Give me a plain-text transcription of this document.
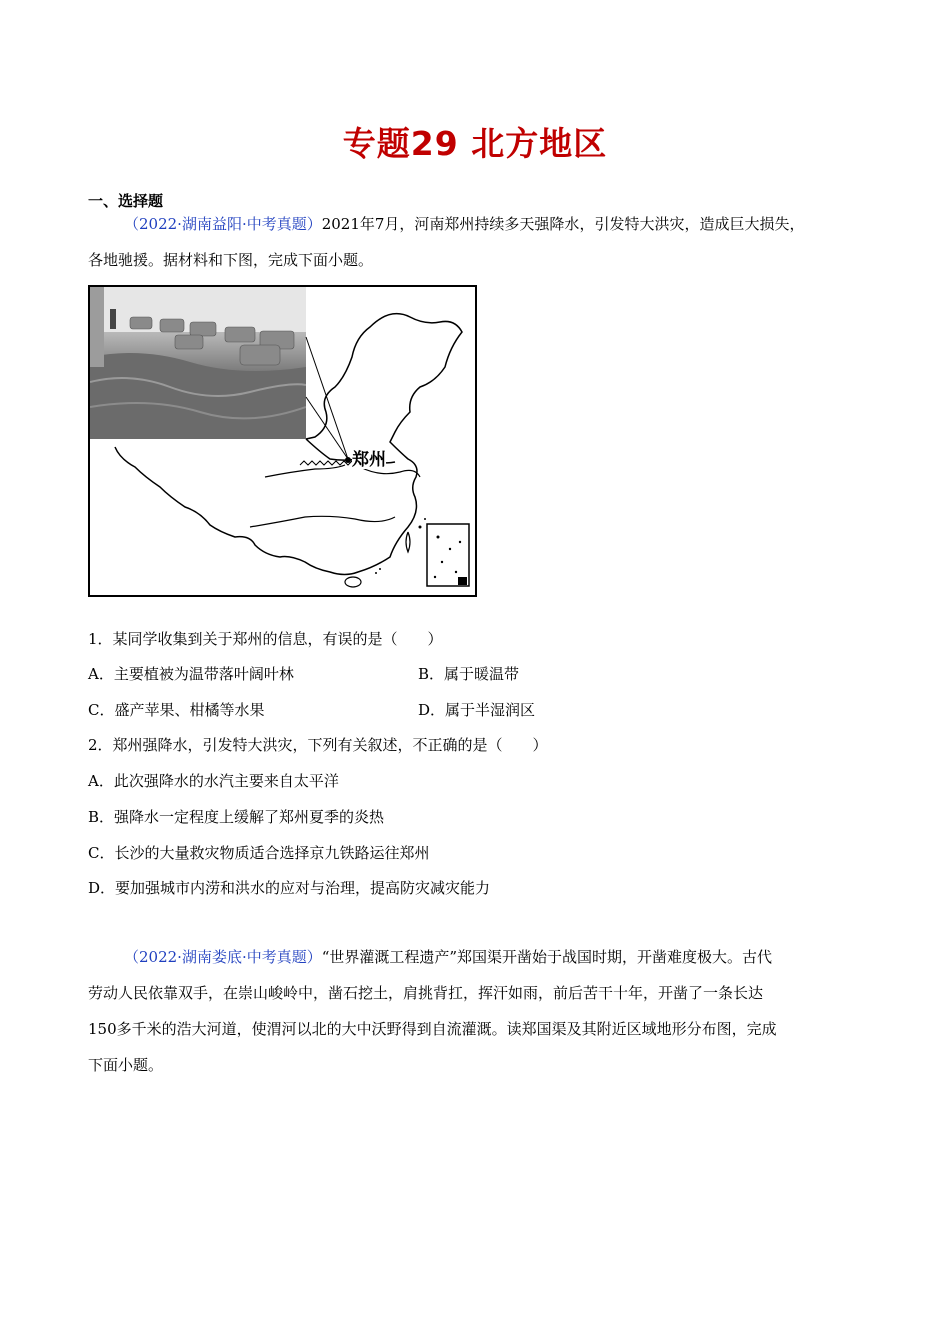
专题29 北方地区
一、选择题
（2022·湖南益阳·中考真题）2021年7月，河南郑州持续多天强降水，引发特大洪灾，造成巨大损失，
各地驰援。据材料和下图，完成下面小题。
郑州
1．某同学收集到关于郑州的信息，有误的是（　　）
A．主要植被为温带落叶阔叶林	B．属于暖温带
C．盛产苹果、柑橘等水果	D．属于半湿润区
2．郑州强降水，引发特大洪灾，下列有关叙述，不正确的是（　　）
A．此次强降水的水汽主要来自太平洋
B．强降水一定程度上缓解了郑州夏季的炎热
C．长沙的大量救灾物质适合选择京九铁路运往郑州
D．要加强城市内涝和洪水的应对与治理，提高防灾减灾能力
（2022·湖南娄底·中考真题）“世界灌溉工程遗产”郑国渠开凿始于战国时期，开凿难度极大。古代
劳动人民依靠双手，在崇山峻岭中，凿石挖土，肩挑背扛，挥汗如雨，前后苦干十年，开凿了一条长达
150多千米的浩大河道，使渭河以北的大中沃野得到自流灌溉。读郑国渠及其附近区域地形分布图，完成
下面小题。
